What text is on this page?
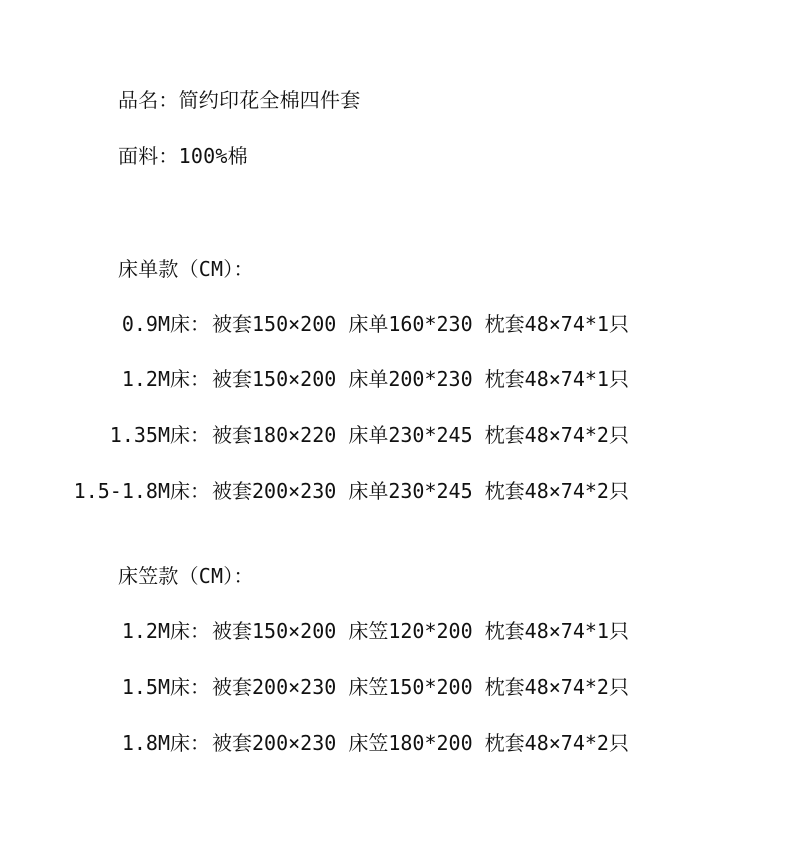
品名：简约印花全棉四件套
面料：100%棉
床单款（CM）：
0.9M床： 被套150×200 床单160*230 枕套48×74*1只
1.2M床： 被套150×200 床单200*230 枕套48×74*1只
1.35M床： 被套180×220 床单230*245 枕套48×74*2只
1.5-1.8M床： 被套200×230 床单230*245 枕套48×74*2只
床笠款（CM）：
1.2M床： 被套150×200 床笠120*200 枕套48×74*1只
1.5M床： 被套200×230 床笠150*200 枕套48×74*2只
1.8M床： 被套200×230 床笠180*200 枕套48×74*2只
